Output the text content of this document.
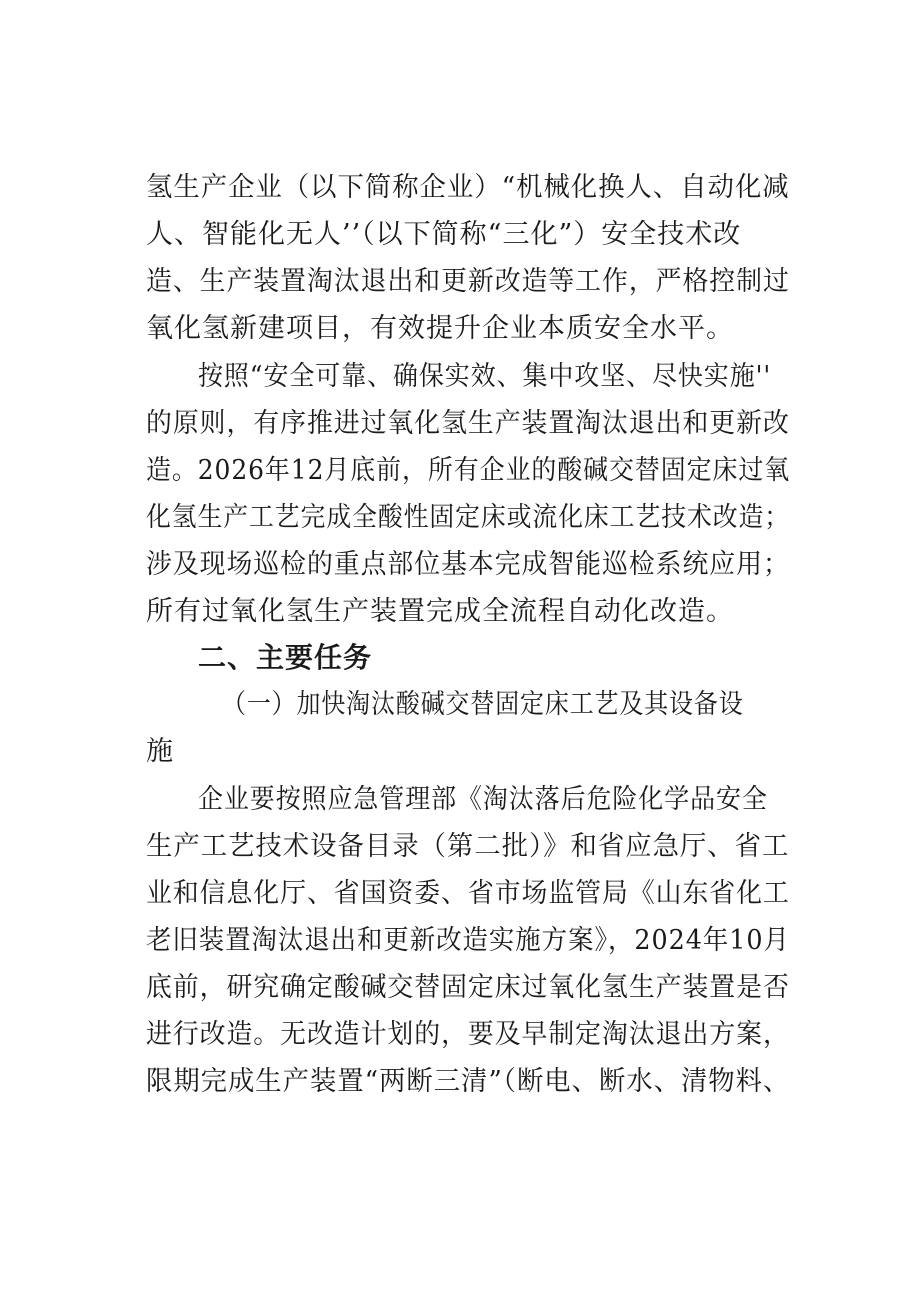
氢生产企业（以下简称企业）“机械化换人、自动化减
人、智能化无人’’（以下简称“三化”）安全技术改
造、生产装置淘汰退出和更新改造等工作，严格控制过
氧化氢新建项目，有效提升企业本质安全水平。
按照“安全可靠、确保实效、集中攻坚、尽快实施''
的原则，有序推进过氧化氢生产装置淘汰退出和更新改
造。2026年12月底前，所有企业的酸碱交替固定床过氧
化氢生产工艺完成全酸性固定床或流化床工艺技术改造；
涉及现场巡检的重点部位基本完成智能巡检系统应用；
所有过氧化氢生产装置完成全流程自动化改造。
二、主要任务
（一）加快淘汰酸碱交替固定床工艺及其设备设
施
企业要按照应急管理部《淘汰落后危险化学品安全
生产工艺技术设备目录（第二批）》和省应急厅、省工
业和信息化厅、省国资委、省市场监管局《山东省化工
老旧装置淘汰退出和更新改造实施方案》，2024年10月
底前，研究确定酸碱交替固定床过氧化氢生产装置是否
进行改造。无改造计划的，要及早制定淘汰退出方案，
限期完成生产装置“两断三清”（断电、断水、清物料、
